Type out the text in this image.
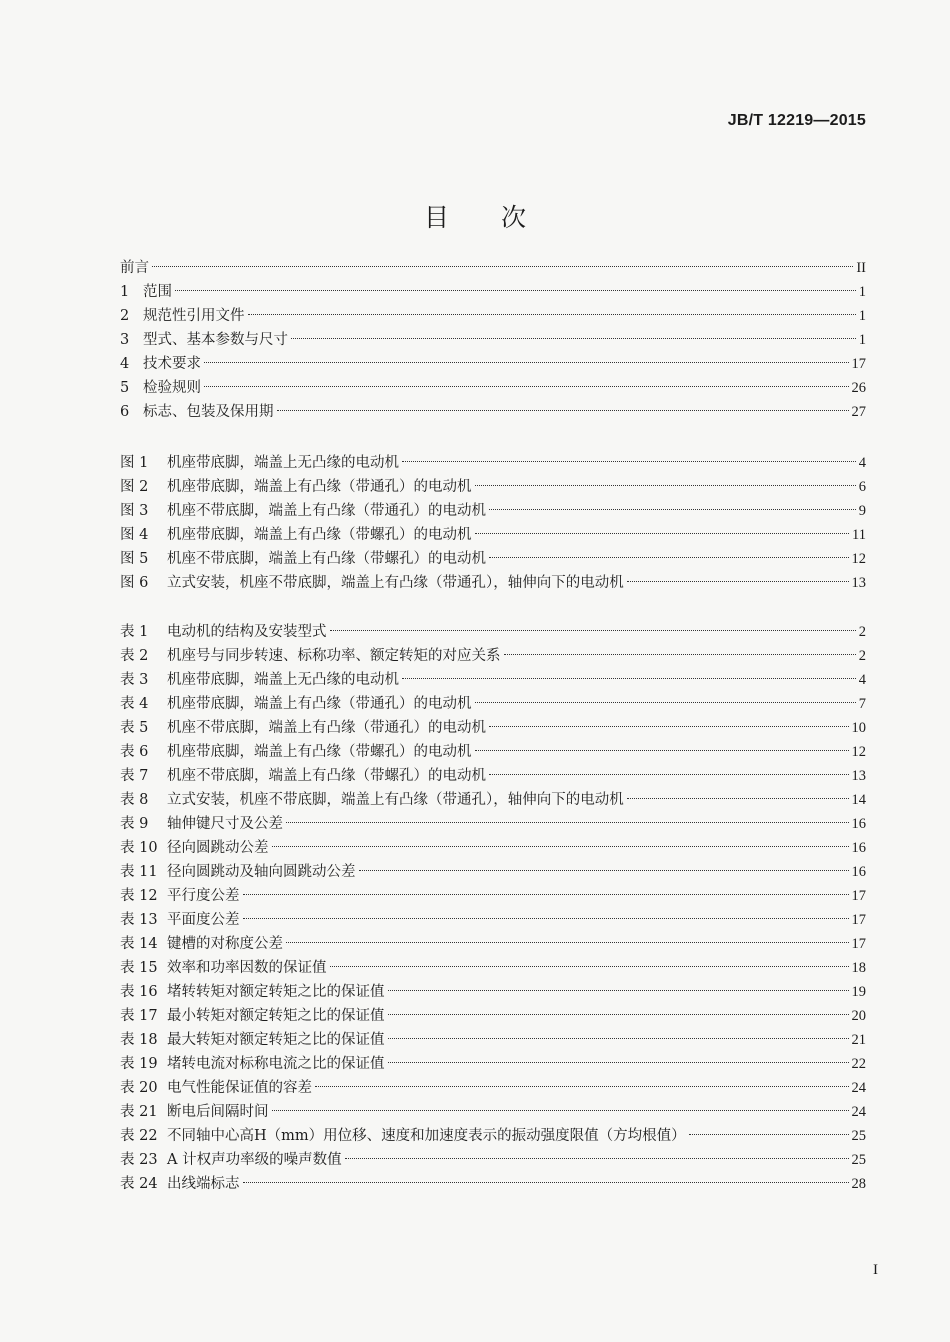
JB/T 12219—2015
目次
前言	II
1 范围	1
2 规范性引用文件	1
3 型式、基本参数与尺寸	1
4 技术要求	17
5 检验规则	26
6 标志、包装及保用期	27
图 1	机座带底脚，端盖上无凸缘的电动机	4
图 2	机座带底脚，端盖上有凸缘（带通孔）的电动机	6
图 3	机座不带底脚，端盖上有凸缘（带通孔）的电动机	9
图 4	机座带底脚，端盖上有凸缘（带螺孔）的电动机	11
图 5	机座不带底脚，端盖上有凸缘（带螺孔）的电动机	12
图 6	立式安装，机座不带底脚，端盖上有凸缘（带通孔），轴伸向下的电动机	13
表 1	电动机的结构及安装型式	2
表 2	机座号与同步转速、标称功率、额定转矩的对应关系	2
表 3	机座带底脚，端盖上无凸缘的电动机	4
表 4	机座带底脚，端盖上有凸缘（带通孔）的电动机	7
表 5	机座不带底脚，端盖上有凸缘（带通孔）的电动机	10
表 6	机座带底脚，端盖上有凸缘（带螺孔）的电动机	12
表 7	机座不带底脚，端盖上有凸缘（带螺孔）的电动机	13
表 8	立式安装，机座不带底脚，端盖上有凸缘（带通孔），轴伸向下的电动机	14
表 9	轴伸键尺寸及公差	16
表 10 径向圆跳动公差	16
表 11 径向圆跳动及轴向圆跳动公差	16
表 12 平行度公差	17
表 13 平面度公差	17
表 14 键槽的对称度公差	17
表 15 效率和功率因数的保证值	18
表 16 堵转转矩对额定转矩之比的保证值	19
表 17 最小转矩对额定转矩之比的保证值	20
表 18 最大转矩对额定转矩之比的保证值	21
表 19 堵转电流对标称电流之比的保证值	22
表 20 电气性能保证值的容差	24
表 21 断电后间隔时间	24
表 22 不同轴中心高H（mm）用位移、速度和加速度表示的振动强度限值（方均根值）	25
表 23 A 计权声功率级的噪声数值	25
表 24 出线端标志	28
I
